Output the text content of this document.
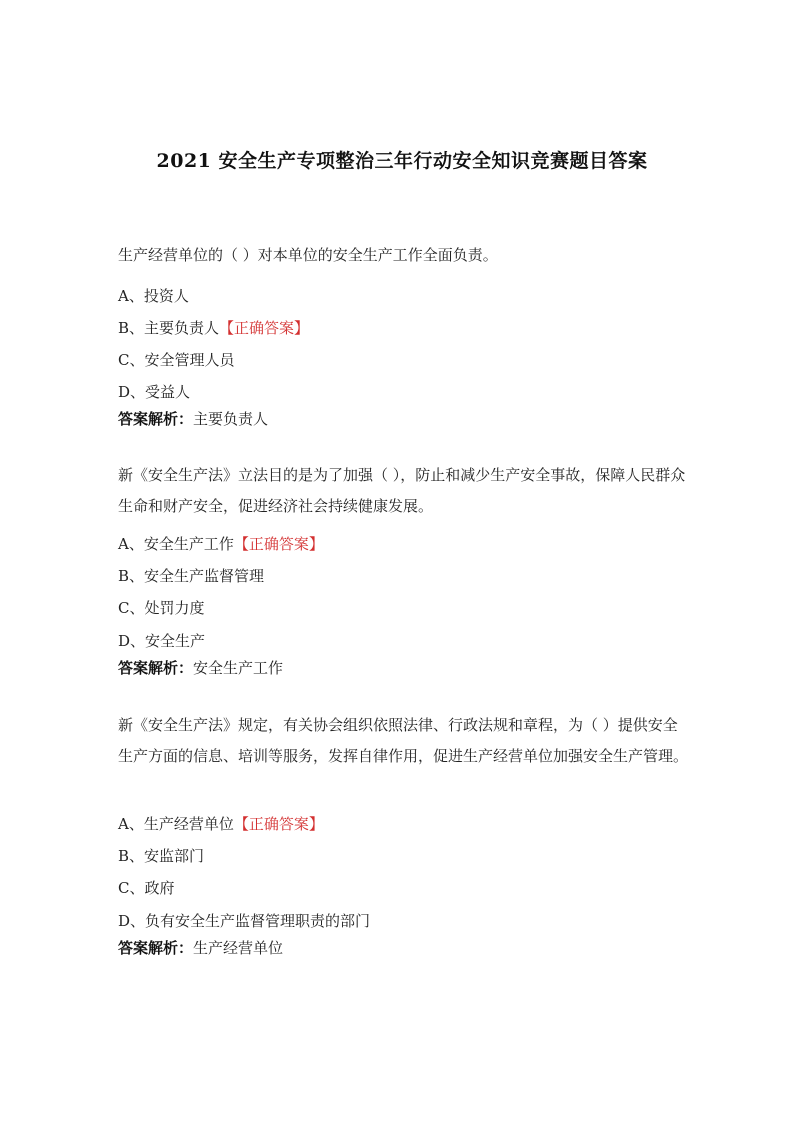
2021 安全生产专项整治三年行动安全知识竞赛题目答案
生产经营单位的（ ）对本单位的安全生产工作全面负责。
A、投资人
B、主要负责人【正确答案】
C、安全管理人员
D、受益人
答案解析：主要负责人
新《安全生产法》立法目的是为了加强（ ），防止和减少生产安全事故，保障人民群众生命和财产安全，促进经济社会持续健康发展。
A、安全生产工作【正确答案】
B、安全生产监督管理
C、处罚力度
D、安全生产
答案解析：安全生产工作
新《安全生产法》规定，有关协会组织依照法律、行政法规和章程，为（ ）提供安全生产方面的信息、培训等服务，发挥自律作用，促进生产经营单位加强安全生产管理。
A、生产经营单位【正确答案】
B、安监部门
C、政府
D、负有安全生产监督管理职责的部门
答案解析：生产经营单位
